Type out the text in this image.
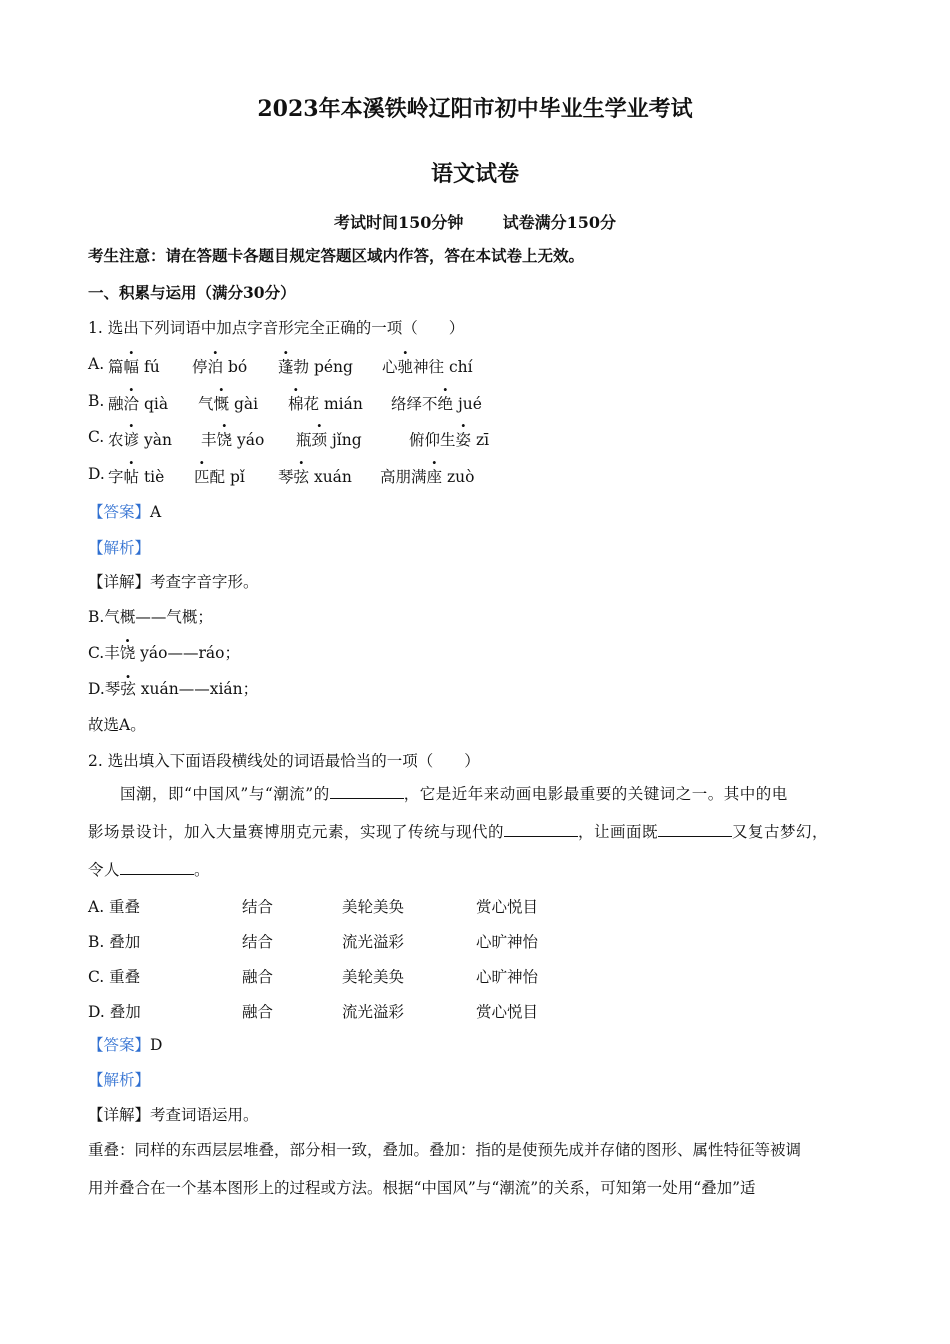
2023年本溪铁岭辽阳市初中毕业生学业考试
语文试卷
考试时间150分钟 试卷满分150分
考生注意：请在答题卡各题目规定答题区域内作答，答在本试卷上无效。
一、积累与运用（满分30分）
1. 选出下列词语中加点字音形完全正确的一项（　　）
A. 篇幅 fú 停泊 bó 蓬勃 péng 心驰神往 chí
B. 融洽 qià 气慨 gài 棉花 mián 络绎不绝 jué
C. 农谚 yàn 丰饶 yáo 瓶颈 jǐng	俯仰生姿 zī
D. 字帖 tiè 匹配 pǐ 琴弦 xuán 高朋满座 zuò
【答案】A
【解析】
【详解】考查字音字形。
B.气概——气概；
C.丰饶 yáo——ráo；
D.琴弦 xuán——xián；
故选A。
2. 选出填入下面语段横线处的词语最恰当的一项（　　）
国潮，即“中国风”与“潮流”的	，它是近年来动画电影最重要的关键词之一。其中的电
影场景设计，加入大量赛博朋克元素，实现了传统与现代的	，让画面既	又复古梦幻，
令人	。
A. 重叠	结合	美轮美奂	赏心悦目
B. 叠加	结合	流光溢彩	心旷神怡
C. 重叠	融合	美轮美奂	心旷神怡
D. 叠加	融合	流光溢彩	赏心悦目
【答案】D
【解析】
【详解】考查词语运用。
重叠：同样的东西层层堆叠，部分相一致，叠加。叠加：指的是使预先成并存储的图形、属性特征等被调
用并叠合在一个基本图形上的过程或方法。根据“中国风”与“潮流”的关系，可知第一处用“叠加”适
